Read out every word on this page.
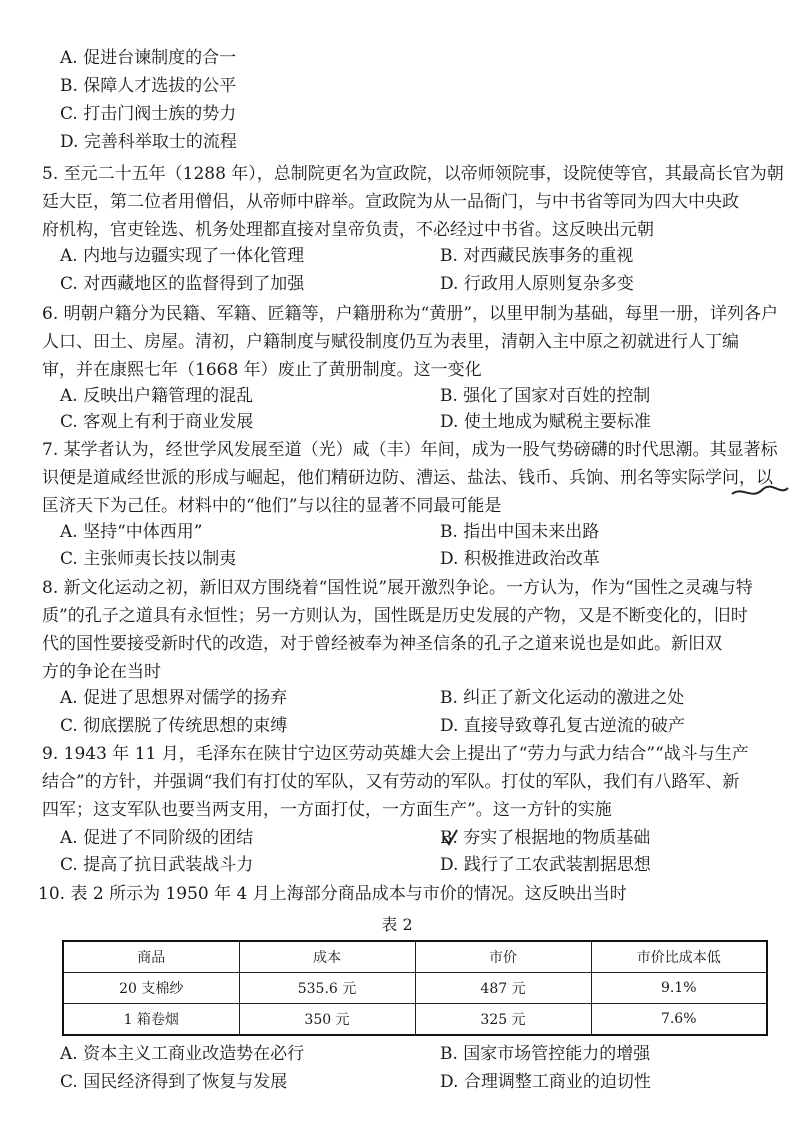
A. 促进台谏制度的合一
B. 保障人才选拔的公平
C. 打击门阀士族的势力
D. 完善科举取士的流程
5. 至元二十五年（1288 年），总制院更名为宣政院，以帝师领院事，设院使等官，其最高长官为朝
廷大臣，第二位者用僧侣，从帝师中辟举。宣政院为从一品衙门，与中书省等同为四大中央政
府机构，官吏铨选、机务处理都直接对皇帝负责，不必经过中书省。这反映出元朝
A. 内地与边疆实现了一体化管理	B. 对西藏民族事务的重视
C. 对西藏地区的监督得到了加强	D. 行政用人原则复杂多变
6. 明朝户籍分为民籍、军籍、匠籍等，户籍册称为“黄册”，以里甲制为基础，每里一册，详列各户
人口、田土、房屋。清初，户籍制度与赋役制度仍互为表里，清朝入主中原之初就进行人丁编
审，并在康熙七年（1668 年）废止了黄册制度。这一变化
A. 反映出户籍管理的混乱	B. 强化了国家对百姓的控制
C. 客观上有利于商业发展	D. 使土地成为赋税主要标准
7. 某学者认为，经世学风发展至道（光）咸（丰）年间，成为一股气势磅礴的时代思潮。其显著标
识便是道咸经世派的形成与崛起，他们精研边防、漕运、盐法、钱币、兵饷、刑名等实际学问，以
匡济天下为己任。材料中的“他们”与以往的显著不同最可能是
A. 坚持“中体西用”	B. 指出中国未来出路
C. 主张师夷长技以制夷	D. 积极推进政治改革
8. 新文化运动之初，新旧双方围绕着“国性说”展开激烈争论。一方认为，作为“国性之灵魂与特
质”的孔子之道具有永恒性；另一方则认为，国性既是历史发展的产物，又是不断变化的，旧时
代的国性要接受新时代的改造，对于曾经被奉为神圣信条的孔子之道来说也是如此。新旧双
方的争论在当时
A. 促进了思想界对儒学的扬弃	B. 纠正了新文化运动的激进之处
C. 彻底摆脱了传统思想的束缚	D. 直接导致尊孔复古逆流的破产
9. 1943 年 11 月，毛泽东在陕甘宁边区劳动英雄大会上提出了“劳力与武力结合”“战斗与生产
结合”的方针，并强调“我们有打仗的军队，又有劳动的军队。打仗的军队，我们有八路军、新
四军；这支军队也要当两支用，一方面打仗，一方面生产”。这一方针的实施
A. 促进了不同阶级的团结	B. 夯实了根据地的物质基础
C. 提高了抗日武装战斗力	D. 践行了工农武装割据思想
10. 表 2 所示为 1950 年 4 月上海部分商品成本与市价的情况。这反映出当时
表 2
商品	成本	市价	市价比成本低
20 支棉纱	535.6 元	487 元	9.1%
1 箱卷烟	350 元	325 元	7.6%
A. 资本主义工商业改造势在必行	B. 国家市场管控能力的增强
C. 国民经济得到了恢复与发展	D. 合理调整工商业的迫切性
